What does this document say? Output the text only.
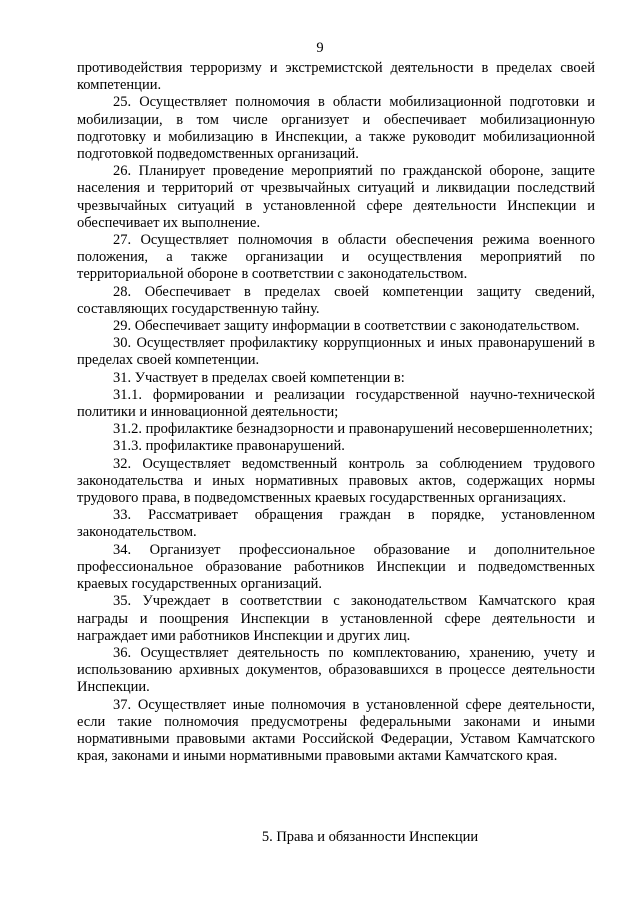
9

противодействия терроризму и экстремистской деятельности в пределах своей компетенции.

25. Осуществляет полномочия в области мобилизационной подготовки и мобилизации, в том числе организует и обеспечивает мобилизационную подготовку и мобилизацию в Инспекции, а также руководит мобилизационной подготовкой подведомственных организаций.

26. Планирует проведение мероприятий по гражданской обороне, защите населения и территорий от чрезвычайных ситуаций и ликвидации последствий чрезвычайных ситуаций в установленной сфере деятельности Инспекции и обеспечивает их выполнение.

27. Осуществляет полномочия в области обеспечения режима военного положения, а также организации и осуществления мероприятий по территориальной обороне в соответствии с законодательством.

28. Обеспечивает в пределах своей компетенции защиту сведений, составляющих государственную тайну.

29. Обеспечивает защиту информации в соответствии с законодательством.

30. Осуществляет профилактику коррупционных и иных правонарушений в пределах своей компетенции.

31. Участвует в пределах своей компетенции в:

31.1. формировании и реализации государственной научно-технической политики и инновационной деятельности;

31.2. профилактике безнадзорности и правонарушений несовершеннолетних;

31.3. профилактике правонарушений.

32. Осуществляет ведомственный контроль за соблюдением трудового законодательства и иных нормативных правовых актов, содержащих нормы трудового права, в подведомственных краевых государственных организациях.

33. Рассматривает обращения граждан в порядке, установленном законодательством.

34. Организует профессиональное образование и дополнительное профессиональное образование работников Инспекции и подведомственных краевых государственных организаций.

35. Учреждает в соответствии с законодательством Камчатского края награды и поощрения Инспекции в установленной сфере деятельности и награждает ими работников Инспекции и других лиц.

36. Осуществляет деятельность по комплектованию, хранению, учету и использованию архивных документов, образовавшихся в процессе деятельности Инспекции.

37. Осуществляет иные полномочия в установленной сфере деятельности, если такие полномочия предусмотрены федеральными законами и иными нормативными правовыми актами Российской Федерации, Уставом Камчатского края, законами и иными нормативными правовыми актами Камчатского края.

5. Права и обязанности Инспекции
